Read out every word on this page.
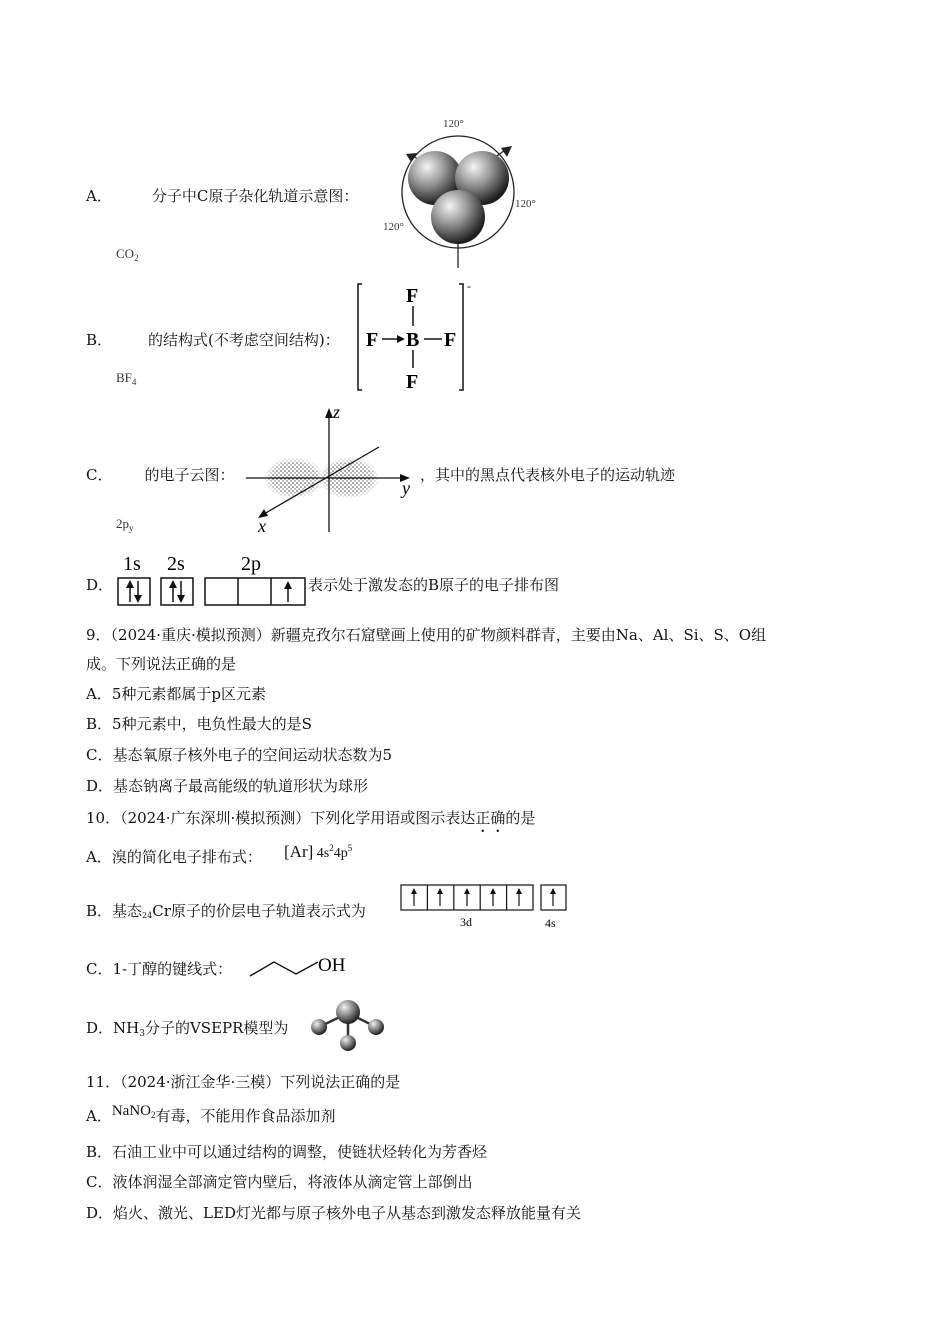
A．	分子中C原子杂化轨道示意图：
$CO_2$
120°
120°
120°
B． 的结构式(不考虑空间结构)：
$BF_4$
-
F
B
F	F
F
C． 的电子云图：	，其中的黑点代表核外电子的运动轨迹
$2p_y$
z
y
x
D．	表示处于激发态的B原子的电子排布图
1s 2s	2p
9．（2024·重庆·模拟预测）新疆克孜尔石窟壁画上使用的矿物颜料群青，主要由Na、Al、Si、S、O组
成。下列说法正确的是
A．5种元素都属于p区元素
B．5种元素中，电负性最大的是S
C．基态氧原子核外电子的空间运动状态数为5
D．基态钠离子最高能级的轨道形状为球形
10．（2024·广东深圳·模拟预测）下列化学用语或图示表达正确的是
A．溴的简化电子排布式： [Ar] $4s^24p^5$
B．基态24Cr原子的价层电子轨道表示式为
3d	4s
C．1-丁醇的键线式：	OH
D．$NH_3$分子的VSEPR模型为
11．（2024·浙江金华·三模）下列说法正确的是
A．NaNO$_2$有毒，不能用作食品添加剂
B．石油工业中可以通过结构的调整，使链状烃转化为芳香烃
C．液体润湿全部滴定管内壁后，将液体从滴定管上部倒出
D．焰火、激光、LED灯光都与原子核外电子从基态到激发态释放能量有关
